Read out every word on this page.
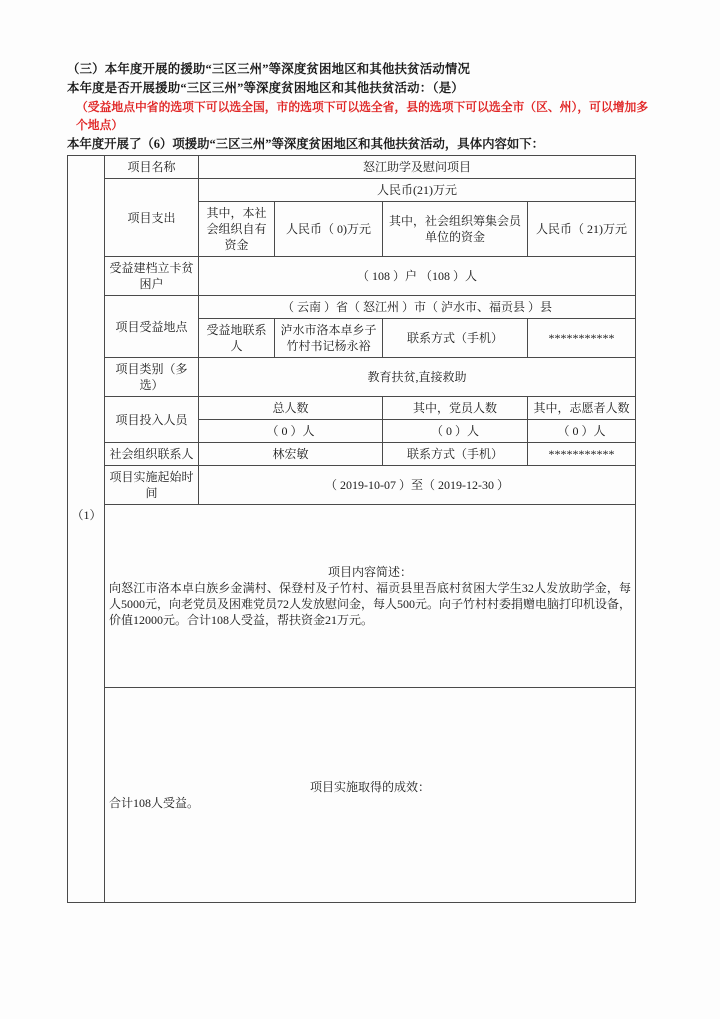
（三）本年度开展的援助“三区三州”等深度贫困地区和其他扶贫活动情况
本年度是否开展援助“三区三州”等深度贫困地区和其他扶贫活动：（是）
（受益地点中省的选项下可以选全国，市的选项下可以选全省，县的选项下可以选全市（区、州），可以增加多
个地点）
本年度开展了（6）项援助“三区三州”等深度贫困地区和其他扶贫活动，具体内容如下：
（1）	项目名称	怒江助学及慰问项目			
	项目支出	人民币(21)万元			
		其中，本社会组织自有资金	人民币（ 0)万元	其中，社会组织筹集会员单位的资金	人民币（ 21)万元
	受益建档立卡贫困户	（ 108 ）户 （108 ）人			
	项目受益地点	（ 云南 ）省（ 怒江州 ）市（ 泸水市、福贡县 ）县			
		受益地联系人	泸水市洛本卓乡子竹村书记杨永裕	联系方式（手机）	***********
	项目类别（多选）	教育扶贫,直接救助			
	项目投入人员	总人数		其中，党员人数	其中，志愿者人数
		（ 0 ）人		（ 0 ）人	（ 0 ）人
	社会组织联系人	林宏敏		联系方式（手机）	***********
	项目实施起始时间	（ 2019-10-07 ）至（ 2019-12-30 ）			

	项目内容简述：
向怒江市洛本卓白族乡金满村、保登村及子竹村、福贡县里吾底村贫困大学生32人发放助学金，每人5000元，向老党员及困难党员72人发放慰问金，每人500元。向子竹村村委捐赠电脑打印机设备，价值12000元。合计108人受益，帮扶资金21万元。				

	项目实施取得的成效：
合计108人受益。				
